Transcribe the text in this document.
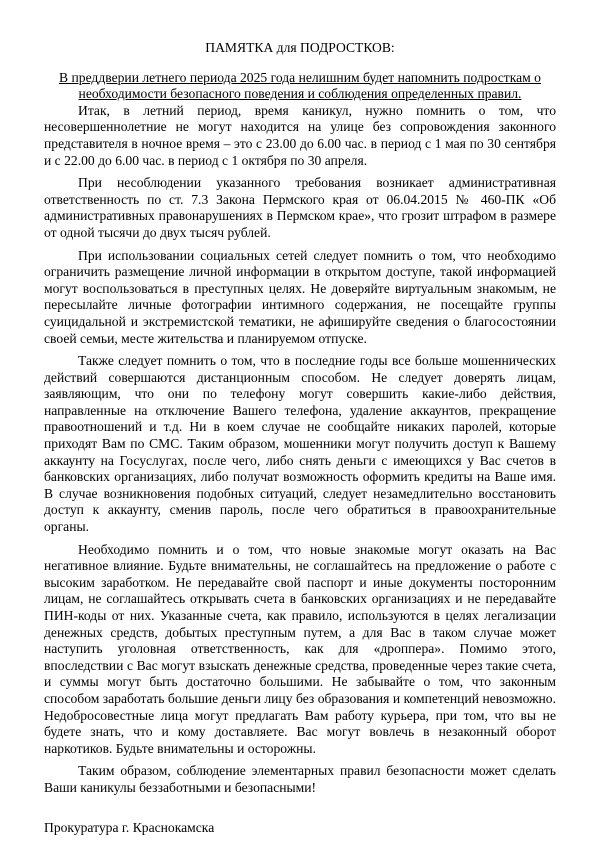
ПАМЯТКА для ПОДРОСТКОВ:
В преддверии летнего периода 2025 года нелишним будет напомнить подросткам о необходимости безопасного поведения и соблюдения определенных правил.

Итак, в летний период, время каникул, нужно помнить о том, что несовершеннолетние не могут находится на улице без сопровождения законного представителя в ночное время – это с 23.00 до 6.00 час. в период с 1 мая по 30 сентября и с 22.00 до 6.00 час. в период с 1 октября по 30 апреля.

При несоблюдении указанного требования возникает административная ответственность по ст. 7.3 Закона Пермского края от 06.04.2015 № 460-ПК «Об административных правонарушениях в Пермском крае», что грозит штрафом в размере от одной тысячи до двух тысяч рублей.

При использовании социальных сетей следует помнить о том, что необходимо ограничить размещение личной информации в открытом доступе, такой информацией могут воспользоваться в преступных целях. Не доверяйте виртуальным знакомым, не пересылайте личные фотографии интимного содержания, не посещайте группы суицидальной и экстремистской тематики, не афишируйте сведения о благосостоянии своей семьи, месте жительства и планируемом отпуске.

Также следует помнить о том, что в последние годы все больше мошеннических действий совершаются дистанционным способом. Не следует доверять лицам, заявляющим, что они по телефону могут совершить какие-либо действия, направленные на отключение Вашего телефона, удаление аккаунтов, прекращение правоотношений и т.д. Ни в коем случае не сообщайте никаких паролей, которые приходят Вам по СМС. Таким образом, мошенники могут получить доступ к Вашему аккаунту на Госуслугах, после чего, либо снять деньги с имеющихся у Вас счетов в банковских организациях, либо получат возможность оформить кредиты на Ваше имя. В случае возникновения подобных ситуаций, следует незамедлительно восстановить доступ к аккаунту, сменив пароль, после чего обратиться в правоохранительные органы.

Необходимо помнить и о том, что новые знакомые могут оказать на Вас негативное влияние. Будьте внимательны, не соглашайтесь на предложение о работе с высоким заработком. Не передавайте свой паспорт и иные документы посторонним лицам, не соглашайтесь открывать счета в банковских организациях и не передавайте ПИН-коды от них. Указанные счета, как правило, используются в целях легализации денежных средств, добытых преступным путем, а для Вас в таком случае может наступить уголовная ответственность, как для «дроппера». Помимо этого, впоследствии с Вас могут взыскать денежные средства, проведенные через такие счета, и суммы могут быть достаточно большими. Не забывайте о том, что законным способом заработать большие деньги лицу без образования и компетенций невозможно. Недобросовестные лица могут предлагать Вам работу курьера, при том, что вы не будете знать, что и кому доставляете. Вас могут вовлечь в незаконный оборот наркотиков. Будьте внимательны и осторожны.

Таким образом, соблюдение элементарных правил безопасности может сделать Ваши каникулы беззаботными и безопасными!

Прокуратура г. Краснокамска
